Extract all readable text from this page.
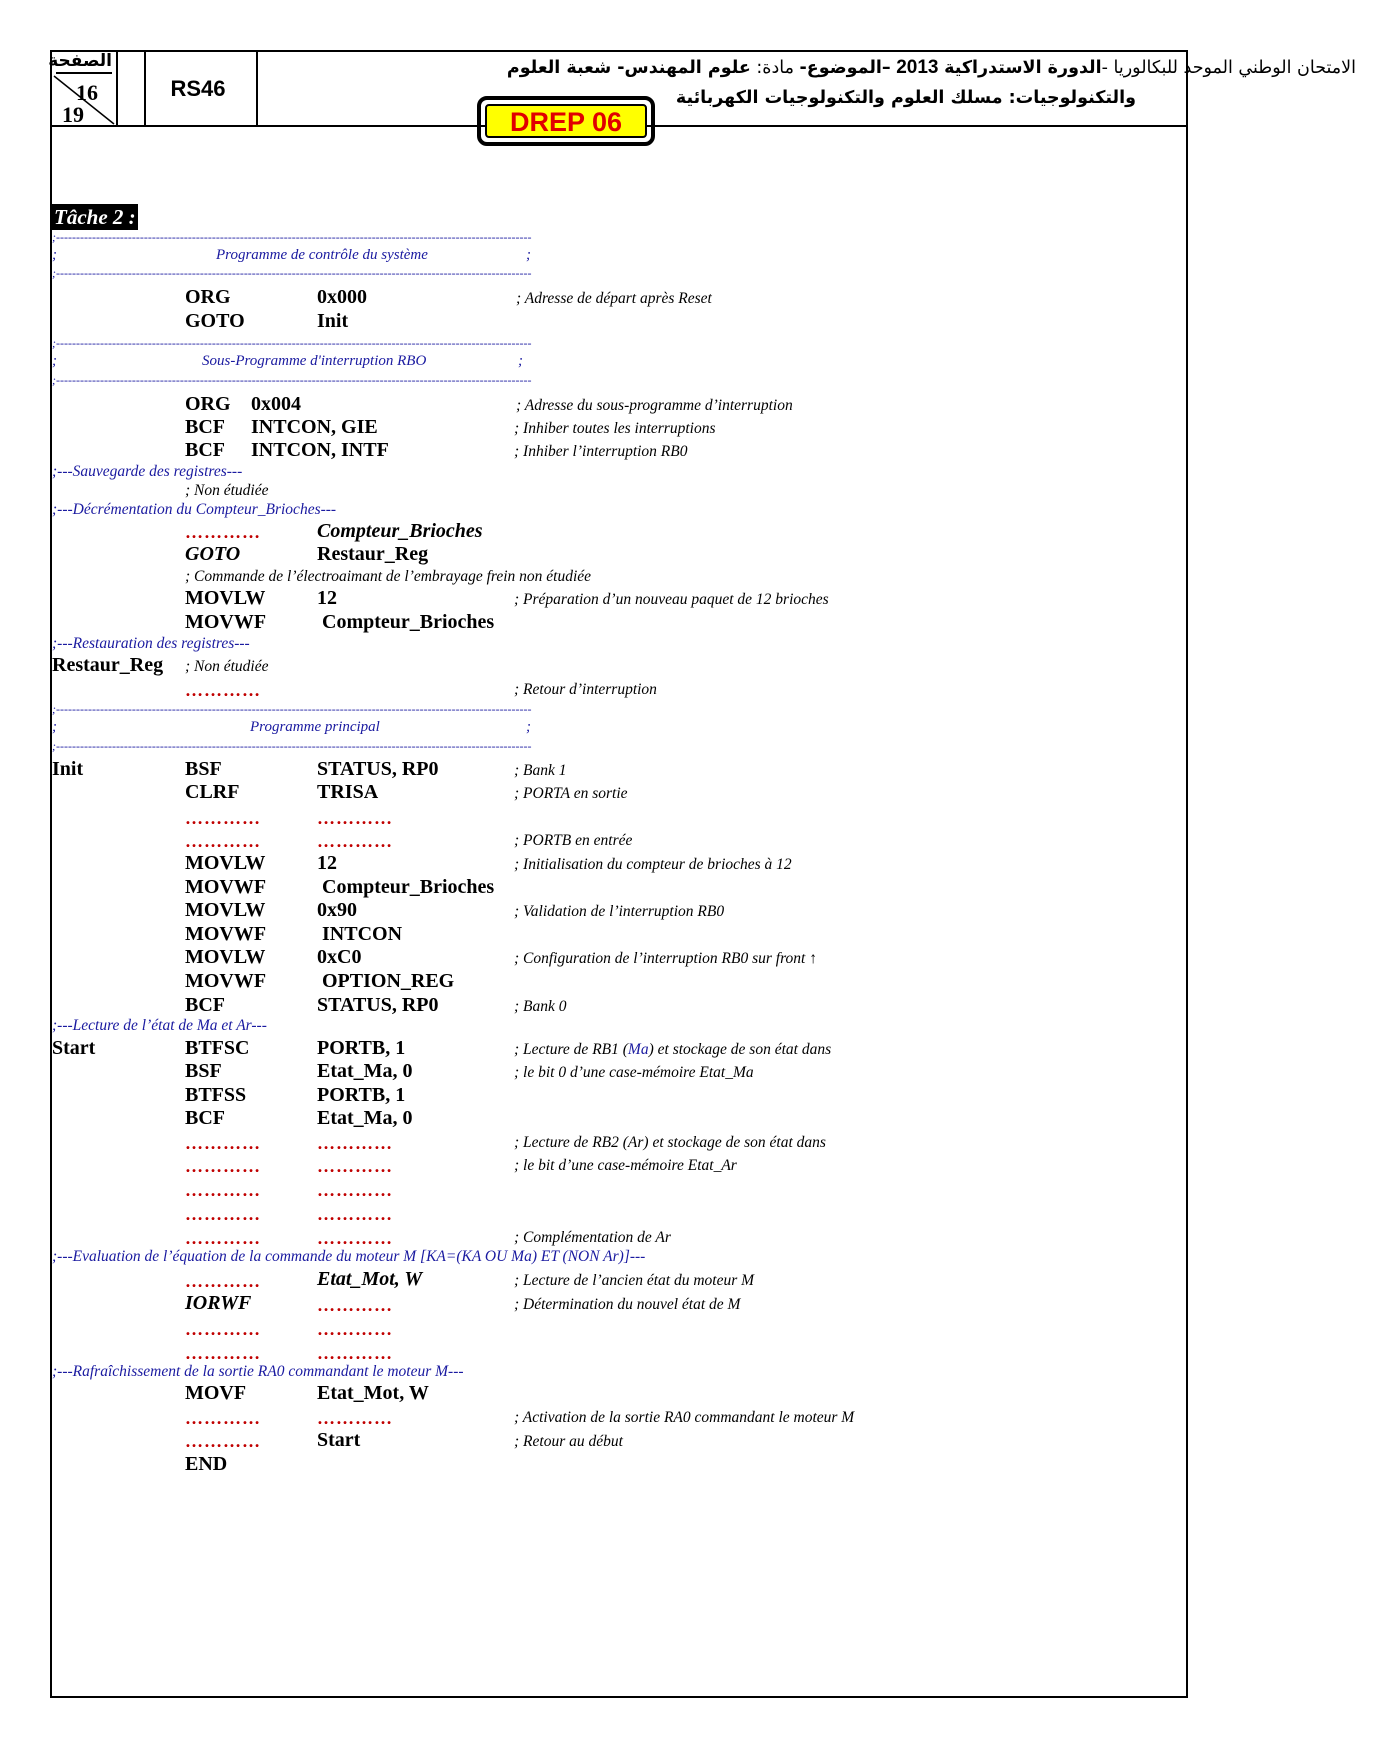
الصفحة
16
19
RS46
الامتحان الوطني الموحد للبكالوريا -الدورة الاستدراكية 2013 –الموضوع- مادة: علوم المهندس- شعبة العلوم
والتكنولوجيات: مسلك العلوم والتكنولوجيات الكهربائية
DREP 06
Tâche 2 :
;-----------------------------------------------------------------------------------------------------------------------
;	Programme de contrôle du système	;
;-----------------------------------------------------------------------------------------------------------------------
ORG	0x000	; Adresse de départ après Reset
GOTO	Init
;-----------------------------------------------------------------------------------------------------------------------
;	Sous-Programme d'interruption RBO	;
;-----------------------------------------------------------------------------------------------------------------------
ORG 0x004	; Adresse du sous-programme d’interruption
BCF INTCON, GIE	; Inhiber toutes les interruptions
BCF INTCON, INTF	; Inhiber l’interruption RB0
;---Sauvegarde des registres---
; Non étudiée
;---Décrémentation du Compteur_Brioches---
…………	Compteur_Brioches
GOTO	Restaur_Reg
; Commande de l’électroaimant de l’embrayage frein non étudiée
MOVLW	12	; Préparation d’un nouveau paquet de 12 brioches
MOVWF	Compteur_Brioches
;---Restauration des registres---
Restaur_Reg ; Non étudiée
…………	; Retour d’interruption
;-----------------------------------------------------------------------------------------------------------------------
;	Programme principal	;
;-----------------------------------------------------------------------------------------------------------------------
Init	BSF	STATUS, RP0	; Bank 1
CLRF	TRISA	; PORTA en sortie
…………	…………
…………	…………	; PORTB en entrée
MOVLW	12	; Initialisation du compteur de brioches à 12
MOVWF	Compteur_Brioches
MOVLW	0x90	; Validation de l’interruption RB0
MOVWF	INTCON
MOVLW	0xC0	; Configuration de l’interruption RB0 sur front ↑
MOVWF	OPTION_REG
BCF	STATUS, RP0	; Bank 0
;---Lecture de l’état de Ma et Ar---
Start	BTFSC	PORTB, 1	; Lecture de RB1 (Ma) et stockage de son état dans
BSF	Etat_Ma, 0	; le bit 0 d’une case-mémoire Etat_Ma
BTFSS	PORTB, 1
BCF	Etat_Ma, 0
…………	…………	; Lecture de RB2 (Ar) et stockage de son état dans
…………	…………	; le bit d’une case-mémoire Etat_Ar
…………	…………
…………	…………
…………	…………	; Complémentation de Ar
;---Evaluation de l’équation de la commande du moteur M [KA=(KA OU Ma) ET (NON Ar)]---
…………	Etat_Mot, W	; Lecture de l’ancien état du moteur M
IORWF	…………	; Détermination du nouvel état de M
…………	…………
…………	…………
;---Rafraîchissement de la sortie RA0 commandant le moteur M---
MOVF	Etat_Mot, W
…………	…………	; Activation de la sortie RA0 commandant le moteur M
…………	Start	; Retour au début
END
